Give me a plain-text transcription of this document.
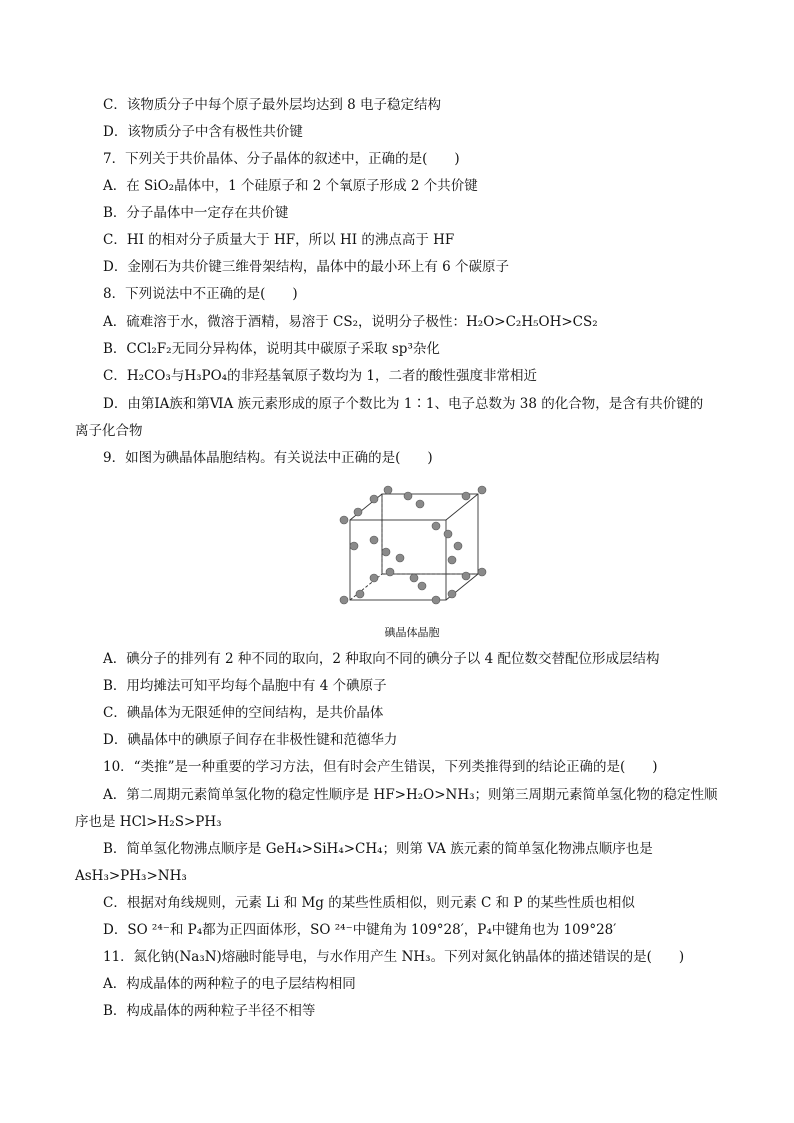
C．该物质分子中每个原子最外层均达到 8 电子稳定结构
D．该物质分子中含有极性共价键
7．下列关于共价晶体、分子晶体的叙述中，正确的是(　　)
A．在 SiO₂晶体中，1 个硅原子和 2 个氧原子形成 2 个共价键
B．分子晶体中一定存在共价键
C．HI 的相对分子质量大于 HF，所以 HI 的沸点高于 HF
D．金刚石为共价键三维骨架结构，晶体中的最小环上有 6 个碳原子
8．下列说法中不正确的是(　　)
A．硫难溶于水，微溶于酒精，易溶于 CS₂，说明分子极性：H₂O>C₂H₅OH>CS₂
B．CCl₂F₂无同分异构体，说明其中碳原子采取 sp³杂化
C．H₂CO₃与H₃PO₄的非羟基氧原子数均为 1，二者的酸性强度非常相近
D．由第ⅠA族和第ⅥA 族元素形成的原子个数比为 1∶1、电子总数为 38 的化合物，是含有共价键的
离子化合物
9．如图为碘晶体晶胞结构。有关说法中正确的是(　　)
碘晶体晶胞
A．碘分子的排列有 2 种不同的取向，2 种取向不同的碘分子以 4 配位数交替配位形成层结构
B．用均摊法可知平均每个晶胞中有 4 个碘原子
C．碘晶体为无限延伸的空间结构，是共价晶体
D．碘晶体中的碘原子间存在非极性键和范德华力
10．“类推”是一种重要的学习方法，但有时会产生错误，下列类推得到的结论正确的是(　　)
A．第二周期元素简单氢化物的稳定性顺序是 HF>H₂O>NH₃；则第三周期元素简单氢化物的稳定性顺
序也是 HCl>H₂S>PH₃
B．简单氢化物沸点顺序是 GeH₄>SiH₄>CH₄；则第 VA 族元素的简单氢化物沸点顺序也是
AsH₃>PH₃>NH₃
C．根据对角线规则，元素 Li 和 Mg 的某些性质相似，则元素 C 和 P 的某些性质也相似
D．SO ²⁴⁻和 P₄都为正四面体形，SO ²⁴⁻中键角为 109°28′，P₄中键角也为 109°28′
11．氮化钠(Na₃N)熔融时能导电，与水作用产生 NH₃。下列对氮化钠晶体的描述错误的是(　　)
A．构成晶体的两种粒子的电子层结构相同
B．构成晶体的两种粒子半径不相等
